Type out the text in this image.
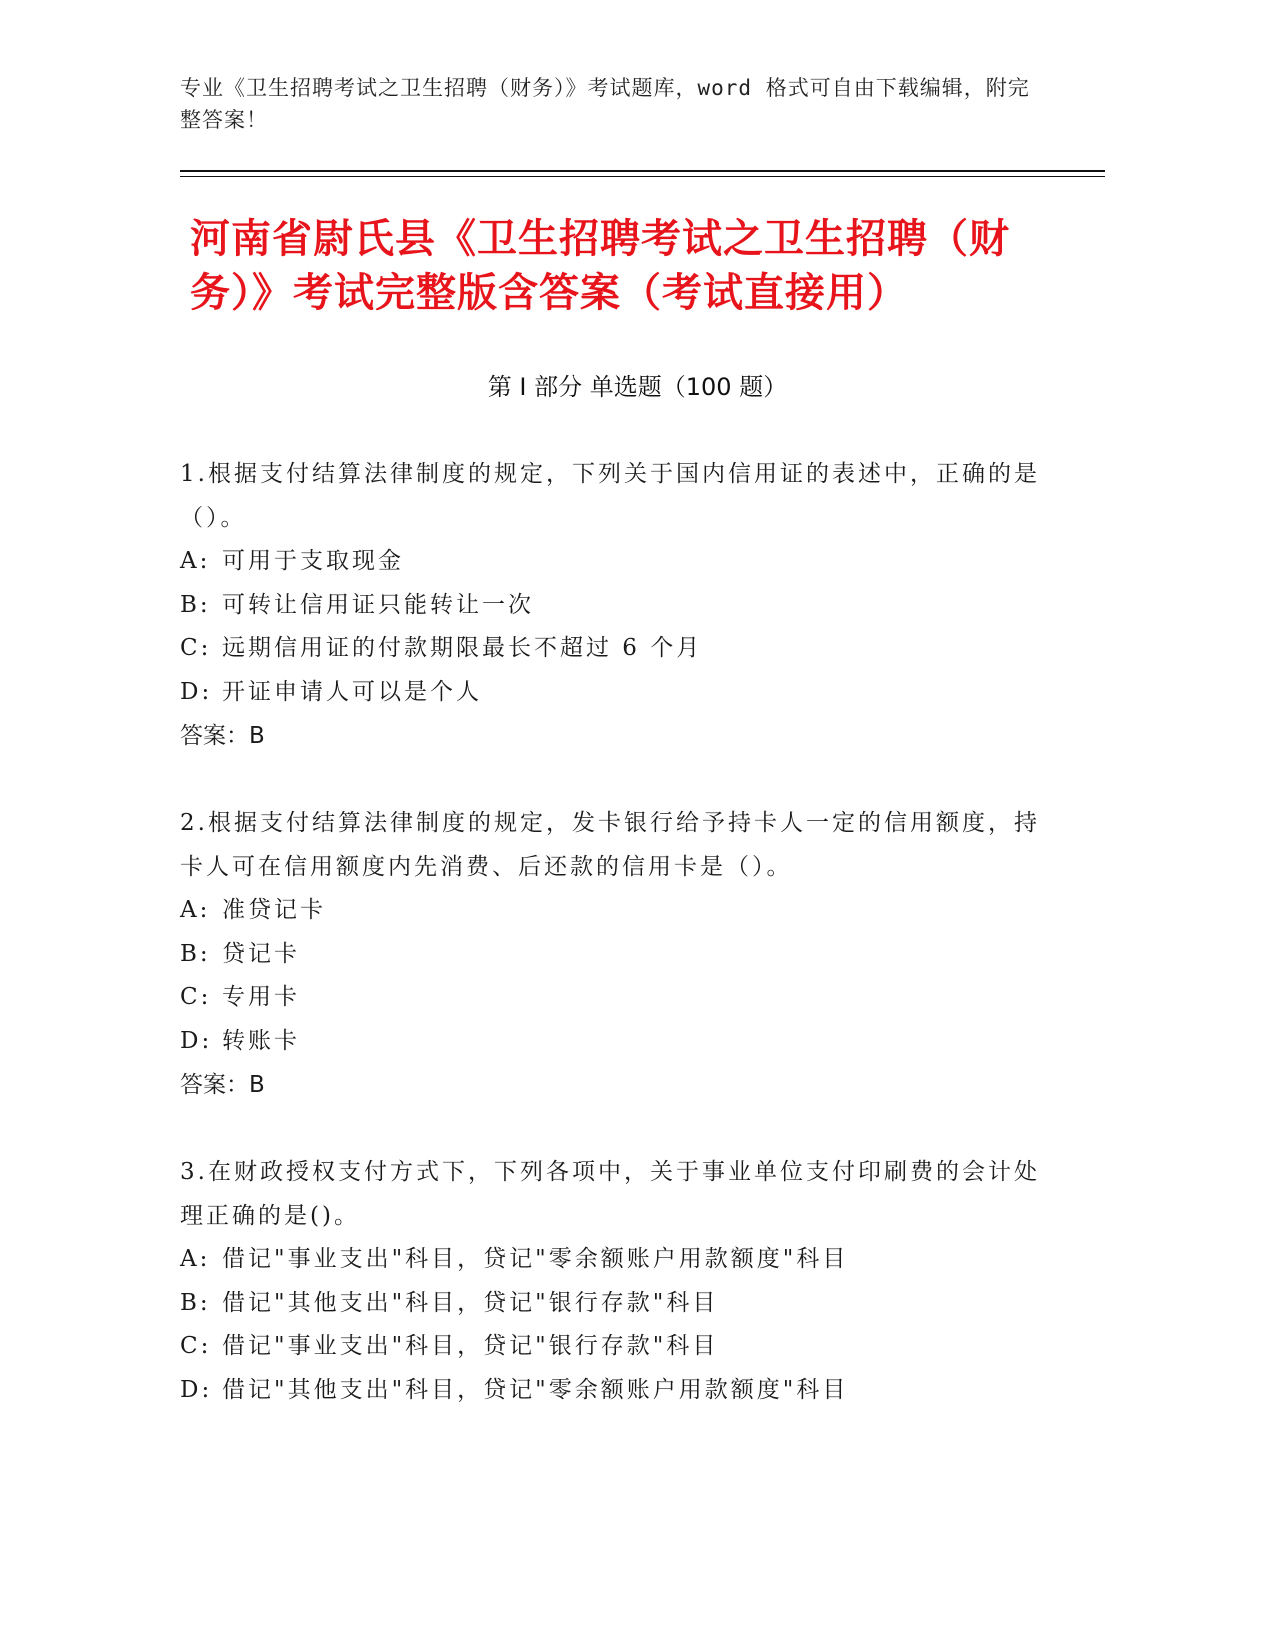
专业《卫生招聘考试之卫生招聘（财务）》考试题库，word 格式可自由下载编辑，附完整答案！
河南省尉氏县《卫生招聘考试之卫生招聘（财务）》考试完整版含答案（考试直接用）
第 I 部分 单选题（100 题）

1.根据支付结算法律制度的规定，下列关于国内信用证的表述中，正确的是（）。

A: 可用于支取现金

B: 可转让信用证只能转让一次

C: 远期信用证的付款期限最长不超过 6 个月

D: 开证申请人可以是个人

答案：B

2.根据支付结算法律制度的规定，发卡银行给予持卡人一定的信用额度，持卡人可在信用额度内先消费、后还款的信用卡是（）。

A: 准贷记卡

B: 贷记卡

C: 专用卡

D: 转账卡

答案：B

3.在财政授权支付方式下，下列各项中，关于事业单位支付印刷费的会计处理正确的是()。

A: 借记"事业支出"科目，贷记"零余额账户用款额度"科目

B: 借记"其他支出"科目，贷记"银行存款"科目

C: 借记"事业支出"科目，贷记"银行存款"科目

D: 借记"其他支出"科目，贷记"零余额账户用款额度"科目
